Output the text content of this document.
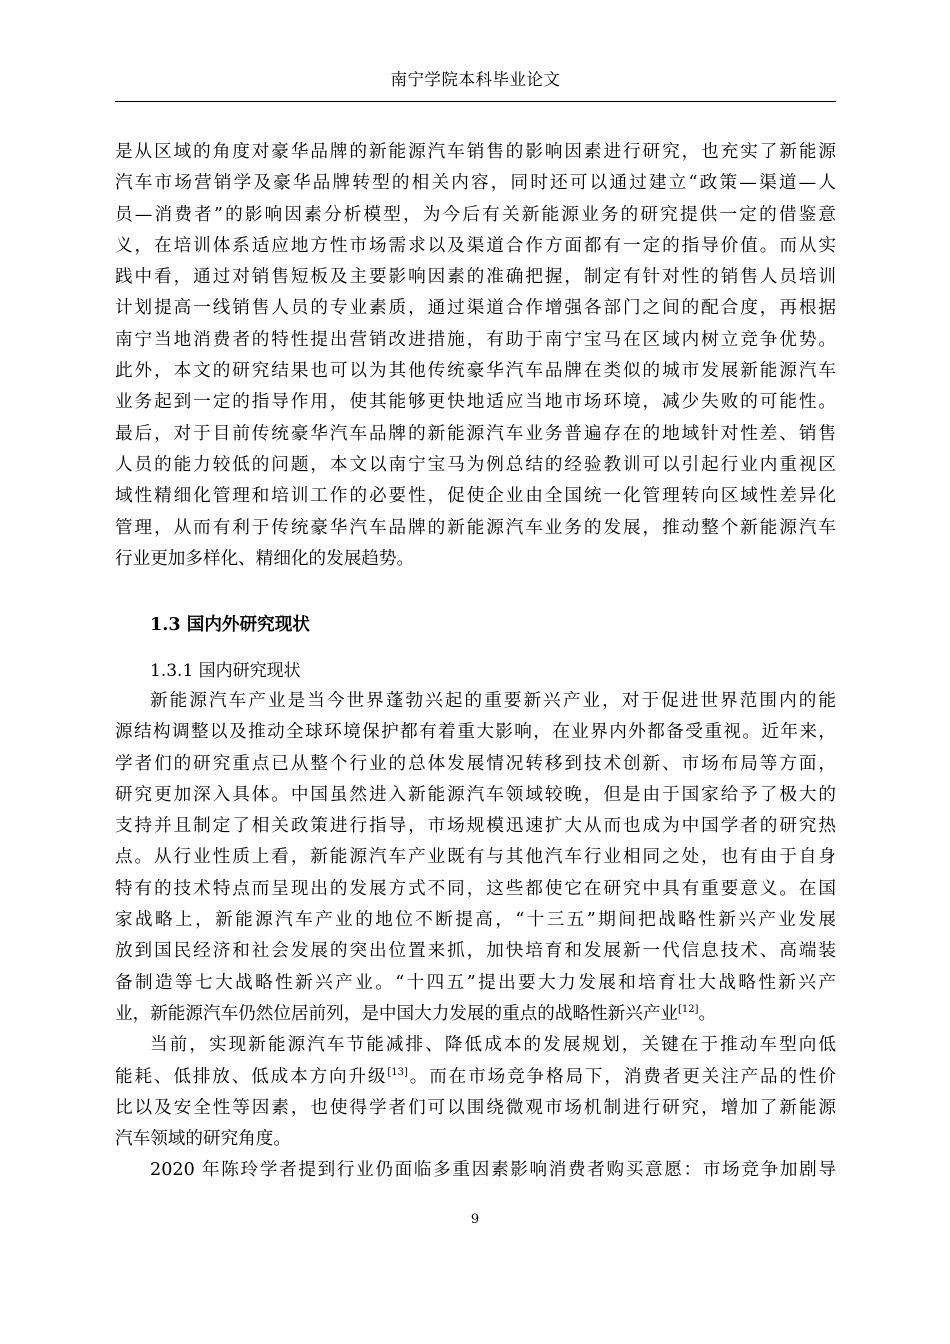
南宁学院本科毕业论文
是从区域的角度对豪华品牌的新能源汽车销售的影响因素进行研究，也充实了新能源
汽车市场营销学及豪华品牌转型的相关内容，同时还可以通过建立“政策—渠道—人
员—消费者”的影响因素分析模型，为今后有关新能源业务的研究提供一定的借鉴意
义，在培训体系适应地方性市场需求以及渠道合作方面都有一定的指导价值。而从实
践中看，通过对销售短板及主要影响因素的准确把握，制定有针对性的销售人员培训
计划提高一线销售人员的专业素质，通过渠道合作增强各部门之间的配合度，再根据
南宁当地消费者的特性提出营销改进措施，有助于南宁宝马在区域内树立竞争优势。
此外，本文的研究结果也可以为其他传统豪华汽车品牌在类似的城市发展新能源汽车
业务起到一定的指导作用，使其能够更快地适应当地市场环境，减少失败的可能性。
最后，对于目前传统豪华汽车品牌的新能源汽车业务普遍存在的地域针对性差、销售
人员的能力较低的问题，本文以南宁宝马为例总结的经验教训可以引起行业内重视区
域性精细化管理和培训工作的必要性，促使企业由全国统一化管理转向区域性差异化
管理，从而有利于传统豪华汽车品牌的新能源汽车业务的发展，推动整个新能源汽车
行业更加多样化、精细化的发展趋势。
1.3 国内外研究现状
1.3.1 国内研究现状
新能源汽车产业是当今世界蓬勃兴起的重要新兴产业，对于促进世界范围内的能
源结构调整以及推动全球环境保护都有着重大影响，在业界内外都备受重视。近年来，
学者们的研究重点已从整个行业的总体发展情况转移到技术创新、市场布局等方面，
研究更加深入具体。中国虽然进入新能源汽车领域较晚，但是由于国家给予了极大的
支持并且制定了相关政策进行指导，市场规模迅速扩大从而也成为中国学者的研究热
点。从行业性质上看，新能源汽车产业既有与其他汽车行业相同之处，也有由于自身
特有的技术特点而呈现出的发展方式不同，这些都使它在研究中具有重要意义。在国
家战略上，新能源汽车产业的地位不断提高，“十三五”期间把战略性新兴产业发展
放到国民经济和社会发展的突出位置来抓，加快培育和发展新一代信息技术、高端装
备制造等七大战略性新兴产业。“十四五”提出要大力发展和培育壮大战略性新兴产
业，新能源汽车仍然位居前列，是中国大力发展的重点的战略性新兴产业[12]。
当前，实现新能源汽车节能减排、降低成本的发展规划，关键在于推动车型向低
能耗、低排放、低成本方向升级[13]。而在市场竞争格局下，消费者更关注产品的性价
比以及安全性等因素，也使得学者们可以围绕微观市场机制进行研究，增加了新能源
汽车领域的研究角度。
2020 年陈玲学者提到行业仍面临多重因素影响消费者购买意愿：市场竞争加剧导
9
